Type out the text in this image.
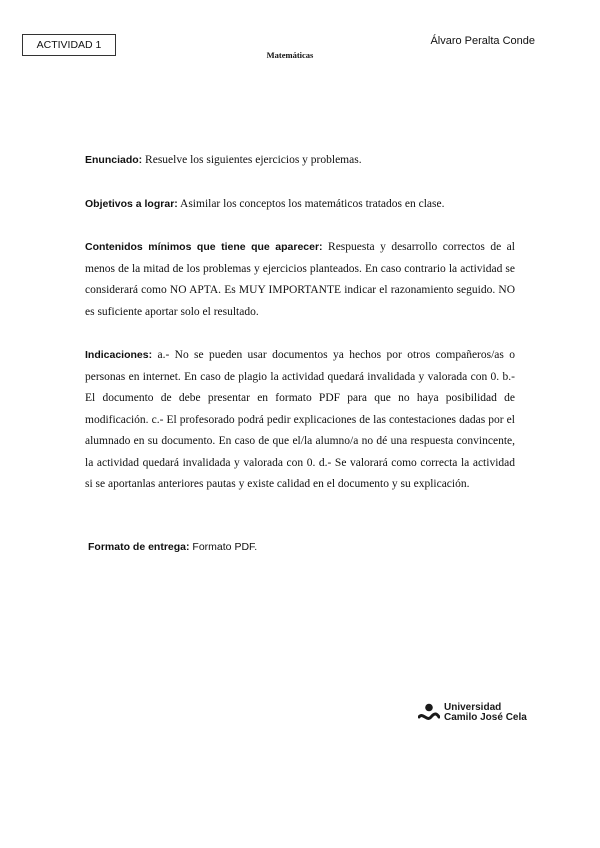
ACTIVIDAD 1
Matemáticas
Álvaro Peralta Conde

Enunciado: Resuelve los siguientes ejercicios y problemas.

Objetivos a lograr: Asimilar los conceptos los matemáticos tratados en clase.

Contenidos mínimos que tiene que aparecer: Respuesta y desarrollo correctos de al menos de la mitad de los problemas y ejercicios planteados. En caso contrario la actividad se considerará como NO APTA. Es MUY IMPORTANTE indicar el razonamiento seguido. NO es suficiente aportar solo el resultado.

Indicaciones: a.- No se pueden usar documentos ya hechos por otros compañeros/as o personas en internet. En caso de plagio la actividad quedará invalidada y valorada con 0. b.- El documento de debe presentar en formato PDF para que no haya posibilidad de modificación. c.- El profesorado podrá pedir explicaciones de las contestaciones dadas por el alumnado en su documento. En caso de que el/la alumno/a no dé una respuesta convincente, la actividad quedará invalidada y valorada con 0. d.- Se valorará como correcta la actividad si se aportanlas anteriores pautas y existe calidad en el documento y su explicación.

Formato de entrega: Formato PDF.
Universidad
Camilo José Cela
